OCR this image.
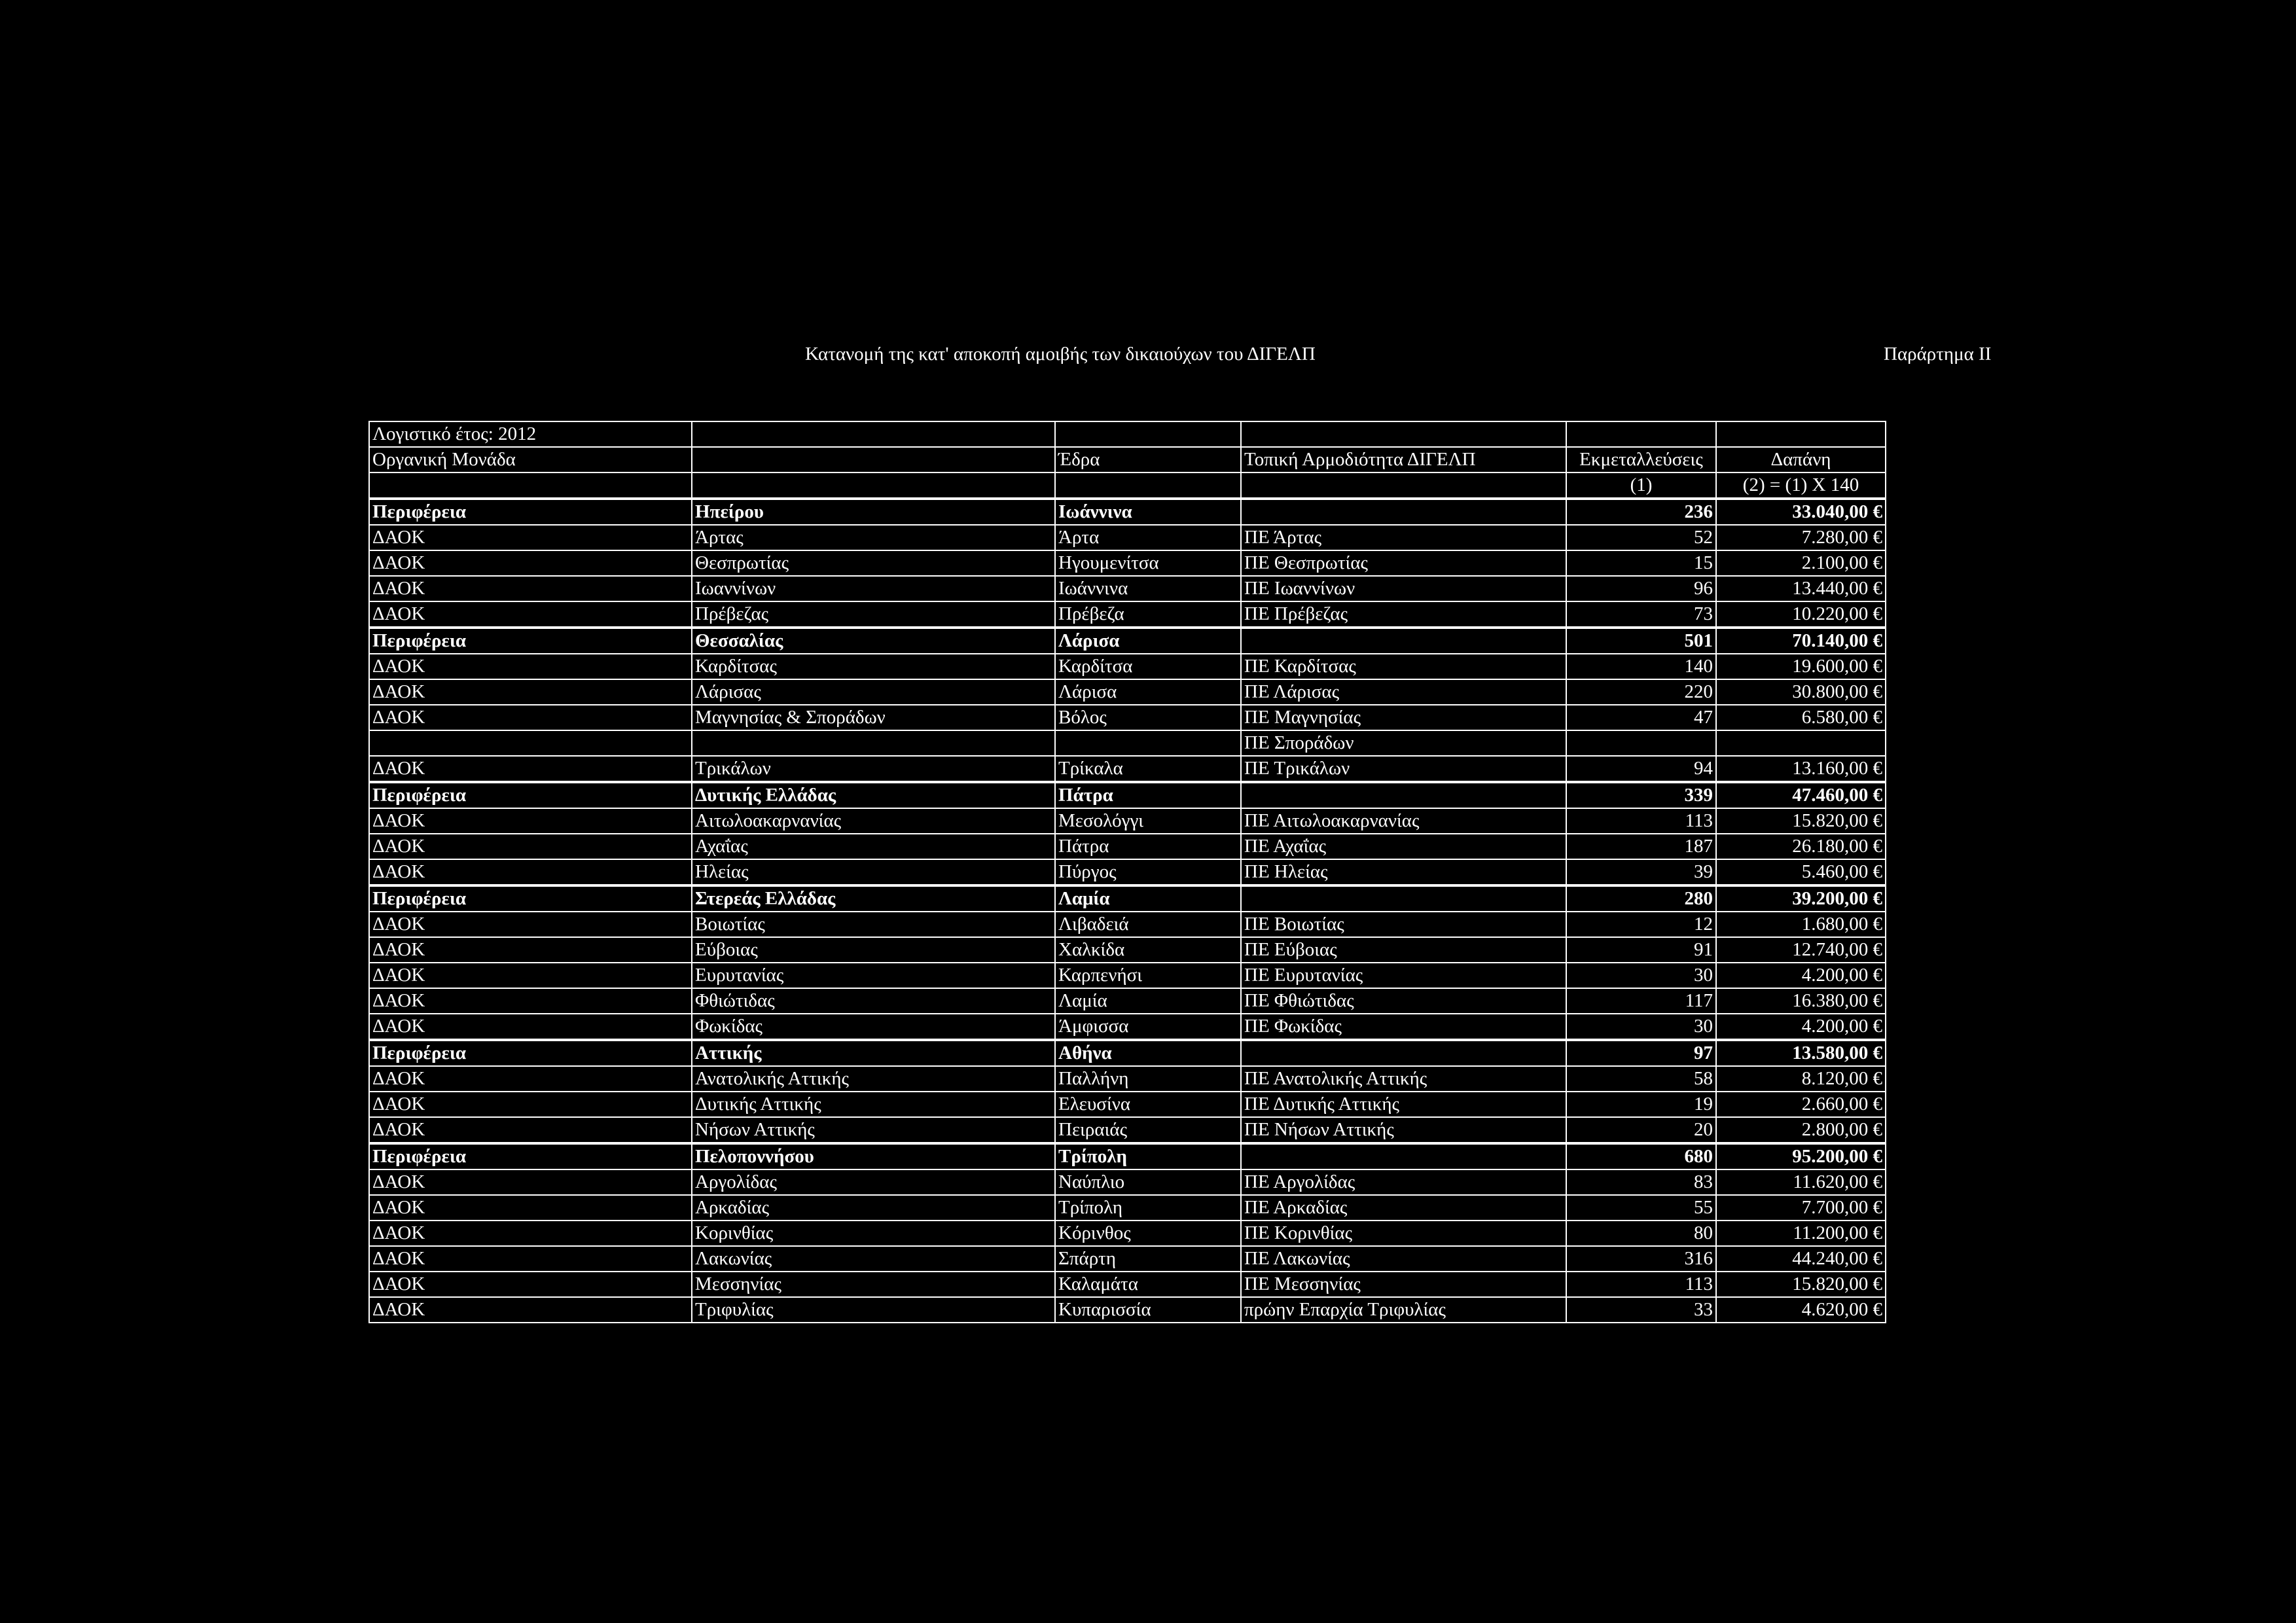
Κατανομή της κατ' αποκοπή αμοιβής των δικαιούχων του ΔΙΓΕΛΠ	Παράρτημα ΙΙ
Λογιστικό έτος: 2012					
Οργανική Μονάδα		Έδρα	Τοπική Αρμοδιότητα ΔΙΓΕΛΠ	Εκμεταλλεύσεις	Δαπάνη
				(1)	(2) = (1) Χ 140
Περιφέρεια	Ηπείρου	Ιωάννινα		236	33.040,00 €
ΔΑΟΚ	Άρτας	Άρτα	ΠΕ Άρτας	52	7.280,00 €
ΔΑΟΚ	Θεσπρωτίας	Ηγουμενίτσα	ΠΕ Θεσπρωτίας	15	2.100,00 €
ΔΑΟΚ	Ιωαννίνων	Ιωάννινα	ΠΕ Ιωαννίνων	96	13.440,00 €
ΔΑΟΚ	Πρέβεζας	Πρέβεζα	ΠΕ Πρέβεζας	73	10.220,00 €
Περιφέρεια	Θεσσαλίας	Λάρισα		501	70.140,00 €
ΔΑΟΚ	Καρδίτσας	Καρδίτσα	ΠΕ Καρδίτσας	140	19.600,00 €
ΔΑΟΚ	Λάρισας	Λάρισα	ΠΕ Λάρισας	220	30.800,00 €
ΔΑΟΚ	Μαγνησίας & Σποράδων	Βόλος	ΠΕ Μαγνησίας	47	6.580,00 €
			ΠΕ Σποράδων		
ΔΑΟΚ	Τρικάλων	Τρίκαλα	ΠΕ Τρικάλων	94	13.160,00 €
Περιφέρεια	Δυτικής Ελλάδας	Πάτρα		339	47.460,00 €
ΔΑΟΚ	Αιτωλοακαρνανίας	Μεσολόγγι	ΠΕ Αιτωλοακαρνανίας	113	15.820,00 €
ΔΑΟΚ	Αχαΐας	Πάτρα	ΠΕ Αχαΐας	187	26.180,00 €
ΔΑΟΚ	Ηλείας	Πύργος	ΠΕ Ηλείας	39	5.460,00 €
Περιφέρεια	Στερεάς Ελλάδας	Λαμία		280	39.200,00 €
ΔΑΟΚ	Βοιωτίας	Λιβαδειά	ΠΕ Βοιωτίας	12	1.680,00 €
ΔΑΟΚ	Εύβοιας	Χαλκίδα	ΠΕ Εύβοιας	91	12.740,00 €
ΔΑΟΚ	Ευρυτανίας	Καρπενήσι	ΠΕ Ευρυτανίας	30	4.200,00 €
ΔΑΟΚ	Φθιώτιδας	Λαμία	ΠΕ Φθιώτιδας	117	16.380,00 €
ΔΑΟΚ	Φωκίδας	Άμφισσα	ΠΕ Φωκίδας	30	4.200,00 €
Περιφέρεια	Αττικής	Αθήνα		97	13.580,00 €
ΔΑΟΚ	Ανατολικής Αττικής	Παλλήνη	ΠΕ Ανατολικής Αττικής	58	8.120,00 €
ΔΑΟΚ	Δυτικής Αττικής	Ελευσίνα	ΠΕ Δυτικής Αττικής	19	2.660,00 €
ΔΑΟΚ	Νήσων Αττικής	Πειραιάς	ΠΕ Νήσων Αττικής	20	2.800,00 €
Περιφέρεια	Πελοποννήσου	Τρίπολη		680	95.200,00 €
ΔΑΟΚ	Αργολίδας	Ναύπλιο	ΠΕ Αργολίδας	83	11.620,00 €
ΔΑΟΚ	Αρκαδίας	Τρίπολη	ΠΕ Αρκαδίας	55	7.700,00 €
ΔΑΟΚ	Κορινθίας	Κόρινθος	ΠΕ Κορινθίας	80	11.200,00 €
ΔΑΟΚ	Λακωνίας	Σπάρτη	ΠΕ Λακωνίας	316	44.240,00 €
ΔΑΟΚ	Μεσσηνίας	Καλαμάτα	ΠΕ Μεσσηνίας	113	15.820,00 €
ΔΑΟΚ	Τριφυλίας	Κυπαρισσία	πρώην Επαρχία Τριφυλίας	33	4.620,00 €
